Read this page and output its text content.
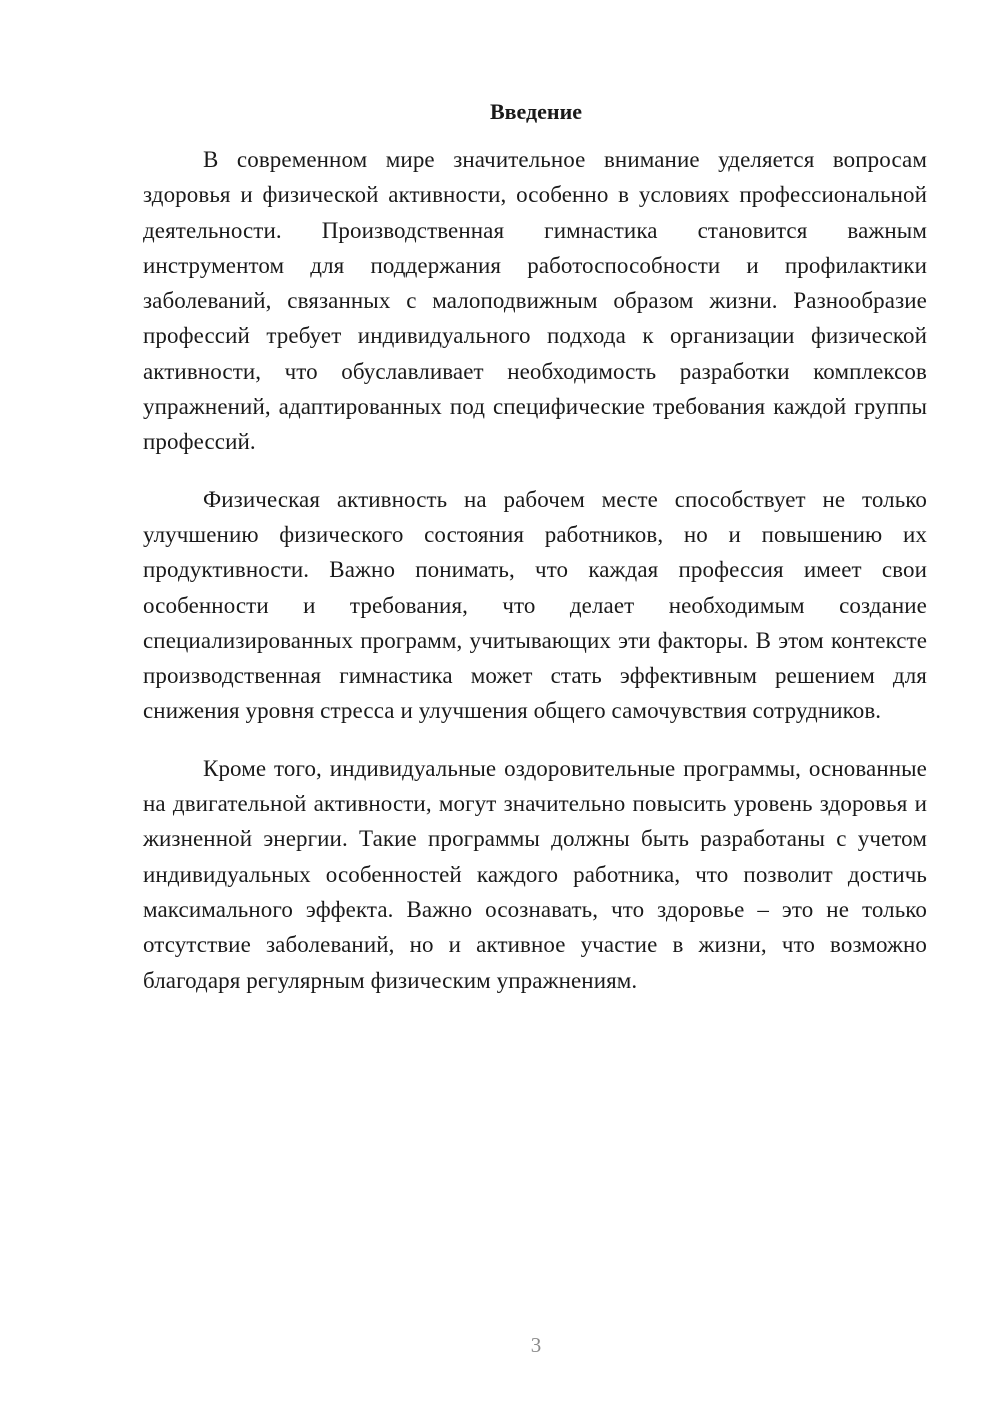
Введение

В современном мире значительное внимание уделяется вопросам здоровья и физической активности, особенно в условиях профессиональной деятельности. Производственная гимнастика становится важным инструментом для поддержания работоспособности и профилактики заболеваний, связанных с малоподвижным образом жизни. Разнообразие профессий требует индивидуального подхода к организации физической активности, что обуславливает необходимость разработки комплексов упражнений, адаптированных под специфические требования каждой группы профессий.

Физическая активность на рабочем месте способствует не только улучшению физического состояния работников, но и повышению их продуктивности. Важно понимать, что каждая профессия имеет свои особенности и требования, что делает необходимым создание специализированных программ, учитывающих эти факторы. В этом контексте производственная гимнастика может стать эффективным решением для снижения уровня стресса и улучшения общего самочувствия сотрудников.

Кроме того, индивидуальные оздоровительные программы, основанные на двигательной активности, могут значительно повысить уровень здоровья и жизненной энергии. Такие программы должны быть разработаны с учетом индивидуальных особенностей каждого работника, что позволит достичь максимального эффекта. Важно осознавать, что здоровье – это не только отсутствие заболеваний, но и активное участие в жизни, что возможно благодаря регулярным физическим упражнениям.

3
